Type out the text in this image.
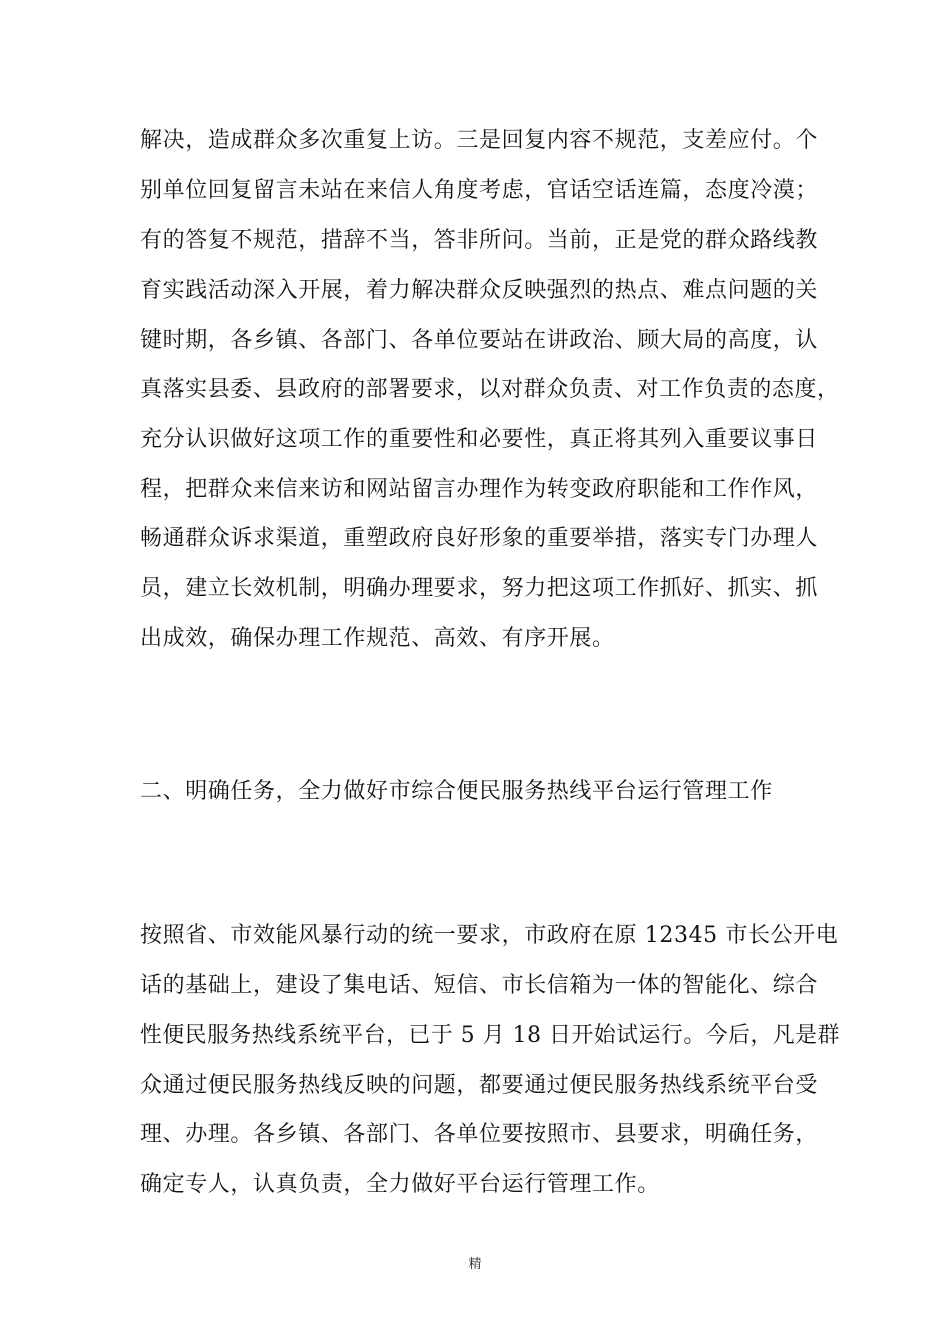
解决，造成群众多次重复上访。三是回复内容不规范，支差应付。个
别单位回复留言未站在来信人角度考虑，官话空话连篇，态度冷漠；
有的答复不规范，措辞不当，答非所问。当前，正是党的群众路线教
育实践活动深入开展，着力解决群众反映强烈的热点、难点问题的关
键时期，各乡镇、各部门、各单位要站在讲政治、顾大局的高度，认
真落实县委、县政府的部署要求，以对群众负责、对工作负责的态度，
充分认识做好这项工作的重要性和必要性，真正将其列入重要议事日
程，把群众来信来访和网站留言办理作为转变政府职能和工作作风，
畅通群众诉求渠道，重塑政府良好形象的重要举措，落实专门办理人
员，建立长效机制，明确办理要求，努力把这项工作抓好、抓实、抓
出成效，确保办理工作规范、高效、有序开展。
二、明确任务，全力做好市综合便民服务热线平台运行管理工作
按照省、市效能风暴行动的统一要求，市政府在原 12345 市长公开电
话的基础上，建设了集电话、短信、市长信箱为一体的智能化、综合
性便民服务热线系统平台，已于 5 月 18 日开始试运行。今后，凡是群
众通过便民服务热线反映的问题，都要通过便民服务热线系统平台受
理、办理。各乡镇、各部门、各单位要按照市、县要求，明确任务，
确定专人，认真负责，全力做好平台运行管理工作。
精
